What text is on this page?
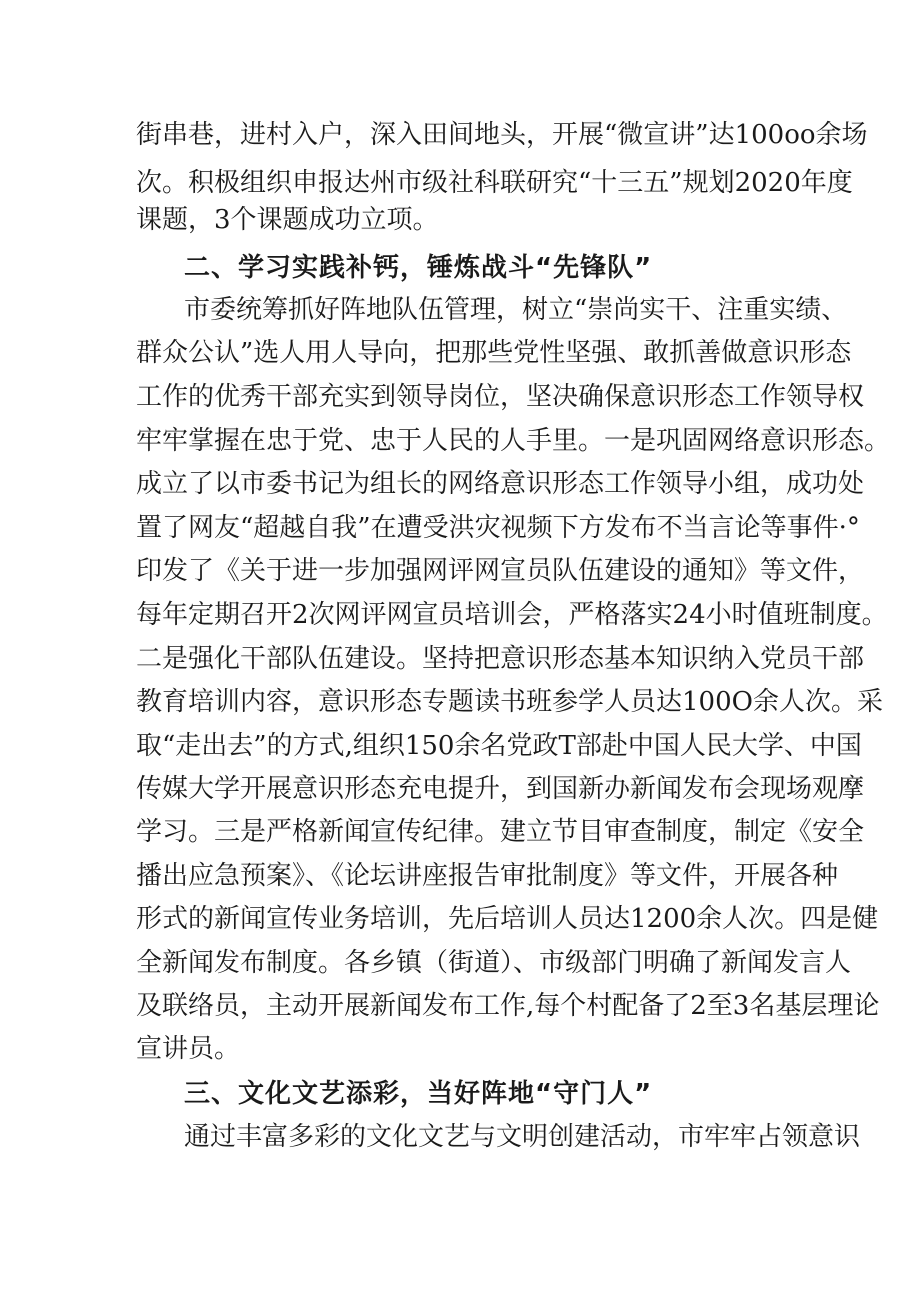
街串巷，进村入户，深入田间地头，开展“微宣讲”达100oo余场
次。积极组织申报达州市级社科联研究“十三五”规划2020年度
课题，3个课题成功立项。
二、学习实践补钙，锤炼战斗“先锋队”
市委统筹抓好阵地队伍管理，树立“崇尚实干、注重实绩、
群众公认”选人用人导向，把那些党性坚强、敢抓善做意识形态
工作的优秀干部充实到领导岗位，坚决确保意识形态工作领导权
牢牢掌握在忠于党、忠于人民的人手里。一是巩固网络意识形态。
成立了以市委书记为组长的网络意识形态工作领导小组，成功处
置了网友“超越自我”在遭受洪灾视频下方发布不当言论等事件·°
印发了《关于进一步加强网评网宣员队伍建设的通知》等文件，
每年定期召开2次网评网宣员培训会，严格落实24小时值班制度。
二是强化干部队伍建设。坚持把意识形态基本知识纳入党员干部
教育培训内容，意识形态专题读书班参学人员达100O余人次。采
取“走出去”的方式,组织150余名党政T部赴中国人民大学、中国
传媒大学开展意识形态充电提升，到国新办新闻发布会现场观摩
学习。三是严格新闻宣传纪律。建立节目审查制度，制定《安全
播出应急预案》、《论坛讲座报告审批制度》等文件，开展各种
形式的新闻宣传业务培训，先后培训人员达1200余人次。四是健
全新闻发布制度。各乡镇（街道）、市级部门明确了新闻发言人
及联络员，主动开展新闻发布工作,每个村配备了2至3名基层理论
宣讲员。
三、文化文艺添彩，当好阵地“守门人”
通过丰富多彩的文化文艺与文明创建活动，市牢牢占领意识
